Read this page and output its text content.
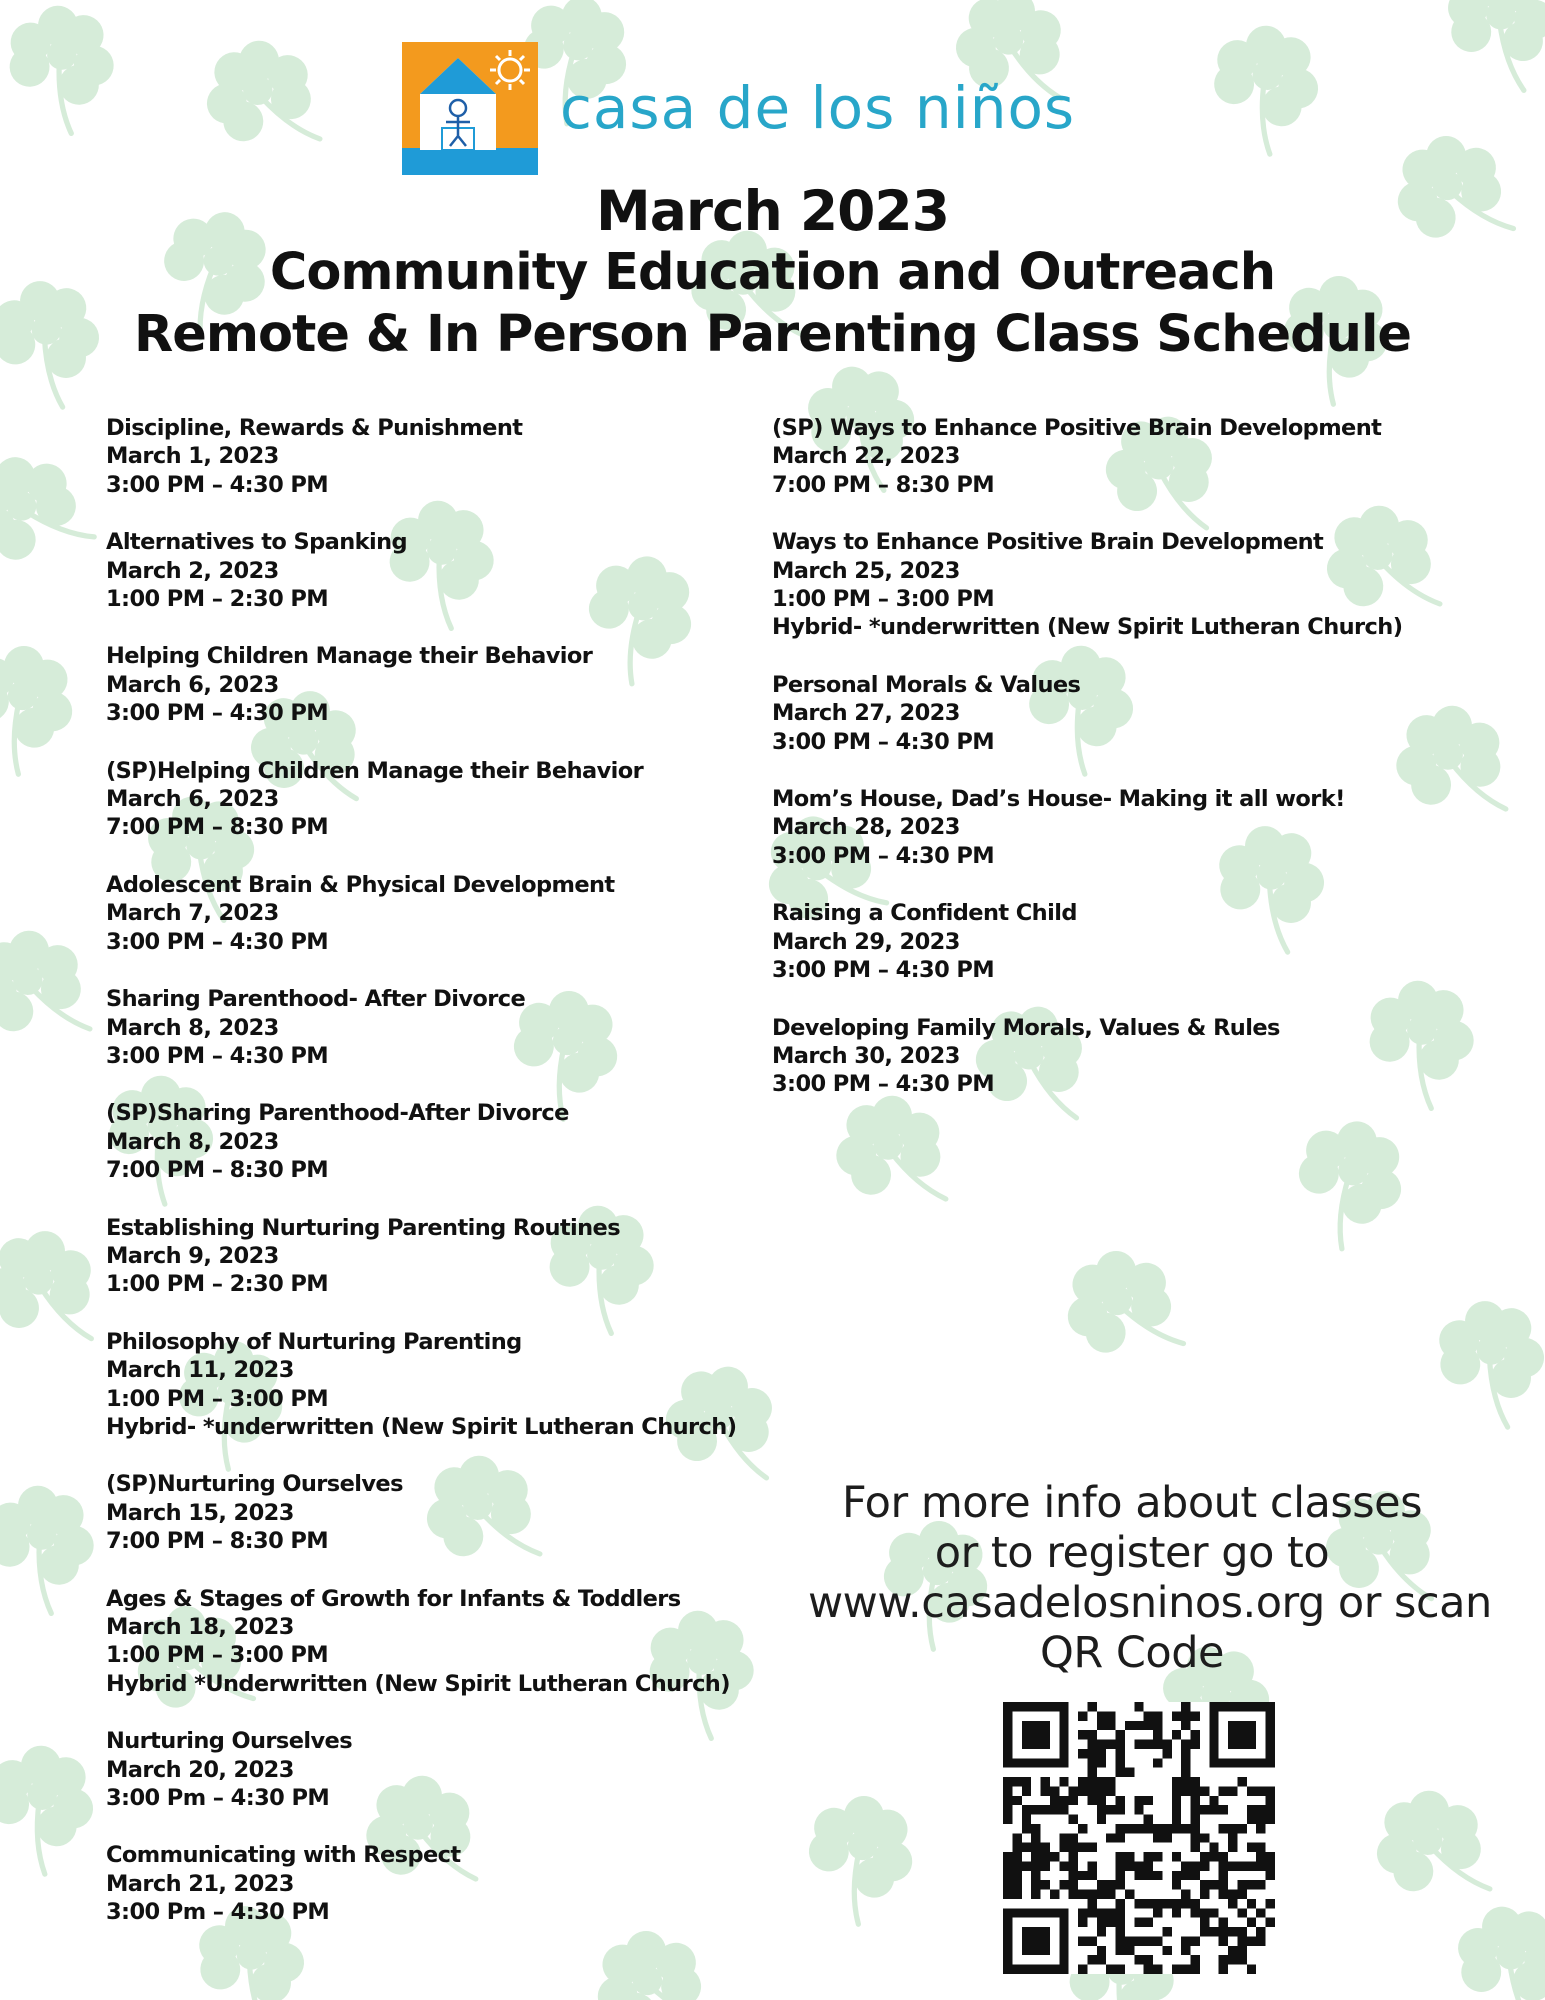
casa de los niños
March 2023
Community Education and Outreach
Remote & In Person Parenting Class Schedule
Discipline, Rewards & Punishment
March 1, 2023
3:00 PM – 4:30 PM
Alternatives to Spanking
March 2, 2023
1:00 PM – 2:30 PM
Helping Children Manage their Behavior
March 6, 2023
3:00 PM – 4:30 PM
(SP)Helping Children Manage their Behavior
March 6, 2023
7:00 PM – 8:30 PM
Adolescent Brain & Physical Development
March 7, 2023
3:00 PM – 4:30 PM
Sharing Parenthood- After Divorce
March 8, 2023
3:00 PM – 4:30 PM
(SP)Sharing Parenthood-After Divorce
March 8, 2023
7:00 PM – 8:30 PM
Establishing Nurturing Parenting Routines
March 9, 2023
1:00 PM – 2:30 PM
Philosophy of Nurturing Parenting
March 11, 2023
1:00 PM – 3:00 PM
Hybrid- *underwritten (New Spirit Lutheran Church)
(SP)Nurturing Ourselves
March 15, 2023
7:00 PM – 8:30 PM
Ages & Stages of Growth for Infants & Toddlers
March 18, 2023
1:00 PM – 3:00 PM
Hybrid *Underwritten (New Spirit Lutheran Church)
Nurturing Ourselves
March 20, 2023
3:00 Pm – 4:30 PM
Communicating with Respect
March 21, 2023
3:00 Pm – 4:30 PM
(SP) Ways to Enhance Positive Brain Development
March 22, 2023
7:00 PM – 8:30 PM
Ways to Enhance Positive Brain Development
March 25, 2023
1:00 PM – 3:00 PM
Hybrid- *underwritten (New Spirit Lutheran Church)
Personal Morals & Values
March 27, 2023
3:00 PM – 4:30 PM
Mom’s House, Dad’s House- Making it all work!
March 28, 2023
3:00 PM – 4:30 PM
Raising a Confident Child
March 29, 2023
3:00 PM – 4:30 PM
Developing Family Morals, Values & Rules
March 30, 2023
3:00 PM – 4:30 PM
For more info about classes
or to register go to
www.casadelosninos.org or scan
QR Code
